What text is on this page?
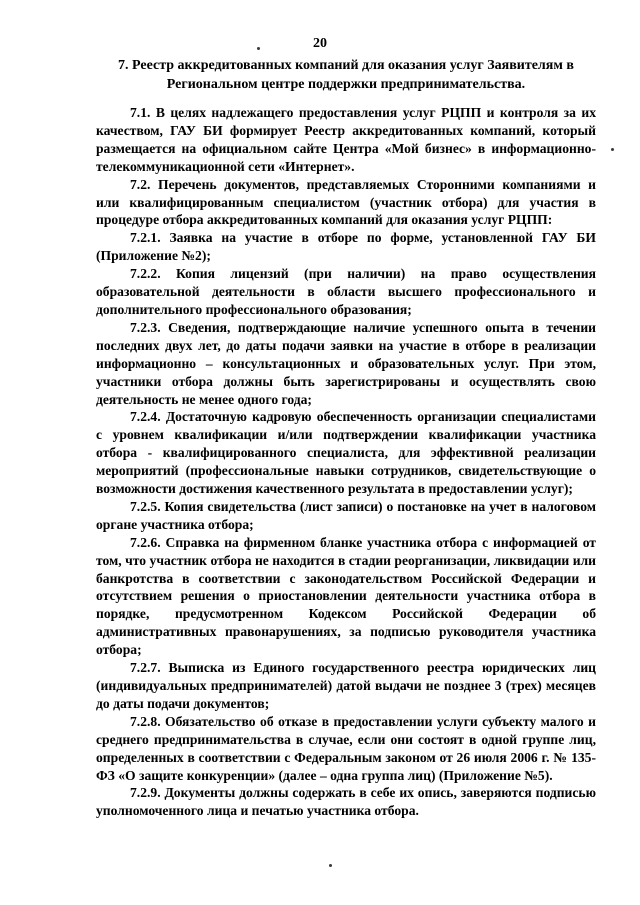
20
7. Реестр аккредитованных компаний для оказания услуг Заявителям в Региональном центре поддержки предпринимательства.

7.1. В целях надлежащего предоставления услуг РЦПП и контроля за их качеством, ГАУ БИ формирует Реестр аккредитованных компаний, который размещается на официальном сайте Центра «Мой бизнес» в информационно-телекоммуникационной сети «Интернет».

7.2. Перечень документов, представляемых Сторонними компаниями и или квалифицированным специалистом (участник отбора) для участия в процедуре отбора аккредитованных компаний для оказания услуг РЦПП:

7.2.1. Заявка на участие в отборе по форме, установленной ГАУ БИ (Приложение №2);

7.2.2. Копия лицензий (при наличии) на право осуществления образовательной деятельности в области высшего профессионального и дополнительного профессионального образования;

7.2.3. Сведения, подтверждающие наличие успешного опыта в течении последних двух лет, до даты подачи заявки на участие в отборе в реализации информационно – консультационных и образовательных услуг. При этом, участники отбора должны быть зарегистрированы и осуществлять свою деятельность не менее одного года;

7.2.4. Достаточную кадровую обеспеченность организации специалистами с уровнем квалификации и/или подтверждении квалификации участника отбора - квалифицированного специалиста, для эффективной реализации мероприятий (профессиональные навыки сотрудников, свидетельствующие о возможности достижения качественного результата в предоставлении услуг);

7.2.5. Копия свидетельства (лист записи) о постановке на учет в налоговом органе участника отбора;

7.2.6. Справка на фирменном бланке участника отбора с информацией от том, что участник отбора не находится в стадии реорганизации, ликвидации или банкротства в соответствии с законодательством Российской Федерации и отсутствием решения о приостановлении деятельности участника отбора в порядке, предусмотренном Кодексом Российской Федерации об административных правонарушениях, за подписью руководителя участника отбора;

7.2.7. Выписка из Единого государственного реестра юридических лиц (индивидуальных предпринимателей) датой выдачи не позднее 3 (трех) месяцев до даты подачи документов;

7.2.8. Обязательство об отказе в предоставлении услуги субъекту малого и среднего предпринимательства в случае, если они состоят в одной группе лиц, определенных в соответствии с Федеральным законом от 26 июля 2006 г. № 135-ФЗ «О защите конкуренции» (далее – одна группа лиц) (Приложение №5).

7.2.9. Документы должны содержать в себе их опись, заверяются подписью уполномоченного лица и печатью участника отбора.
